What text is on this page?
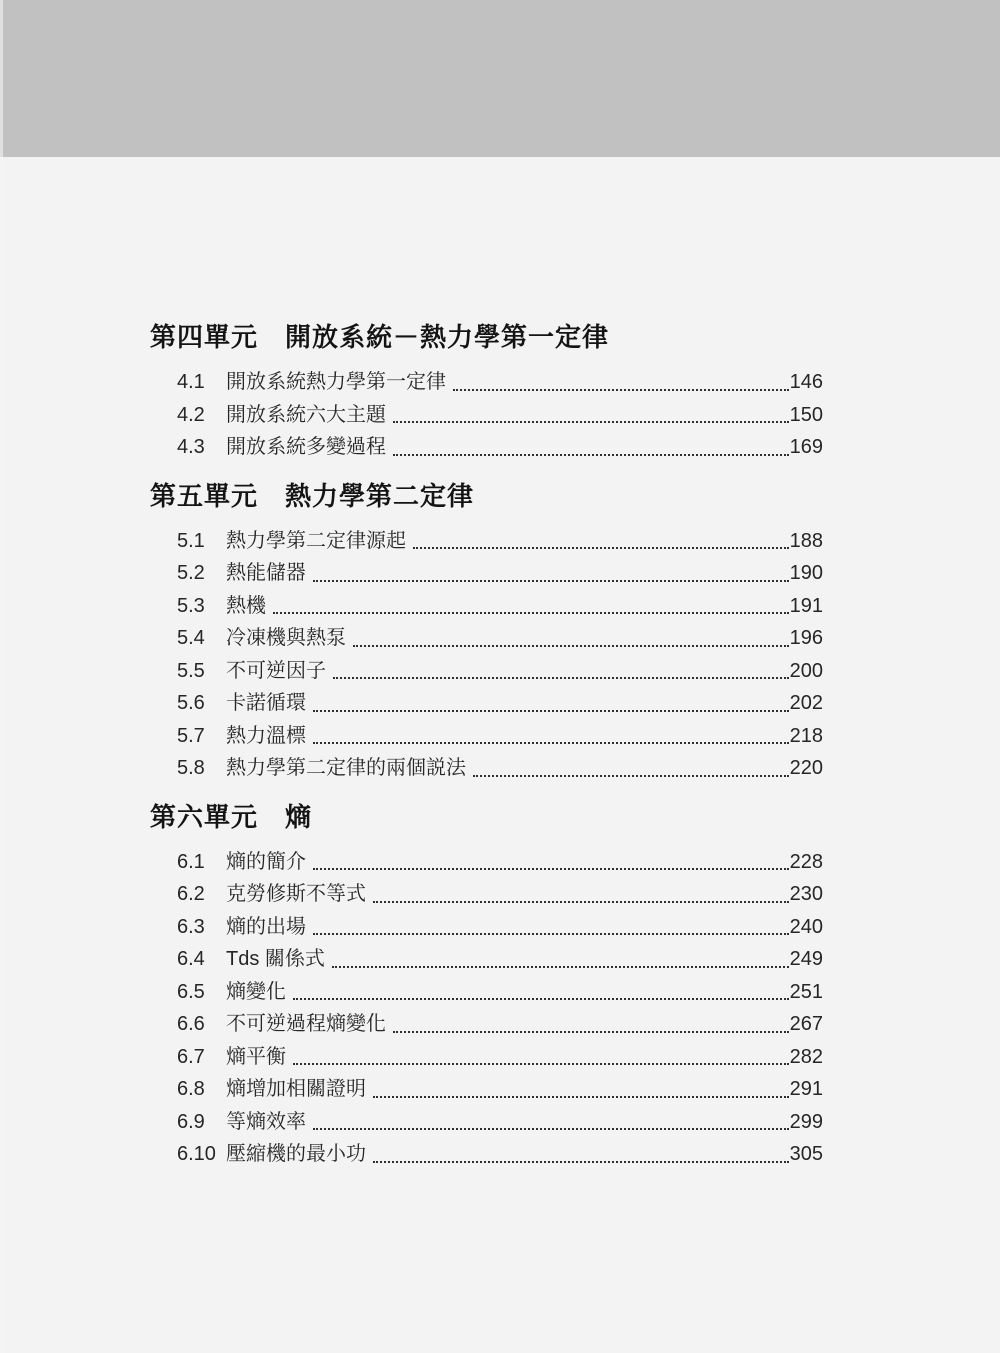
第四單元 開放系統－熱力學第一定律
4.1	開放系統熱力學第一定律	146
4.2	開放系統六大主題	150
4.3	開放系統多變過程	169
第五單元 熱力學第二定律
5.1	熱力學第二定律源起	188
5.2	熱能儲器	190
5.3	熱機	191
5.4	冷凍機與熱泵	196
5.5	不可逆因子	200
5.6	卡諾循環	202
5.7	熱力溫標	218
5.8	熱力學第二定律的兩個説法	220
第六單元 熵
6.1	熵的簡介	228
6.2	克勞修斯不等式	230
6.3	熵的出場	240
6.4	Tds 關係式	249
6.5	熵變化	251
6.6	不可逆過程熵變化	267
6.7	熵平衡	282
6.8	熵增加相關證明	291
6.9	等熵效率	299
6.10 壓縮機的最小功	305
